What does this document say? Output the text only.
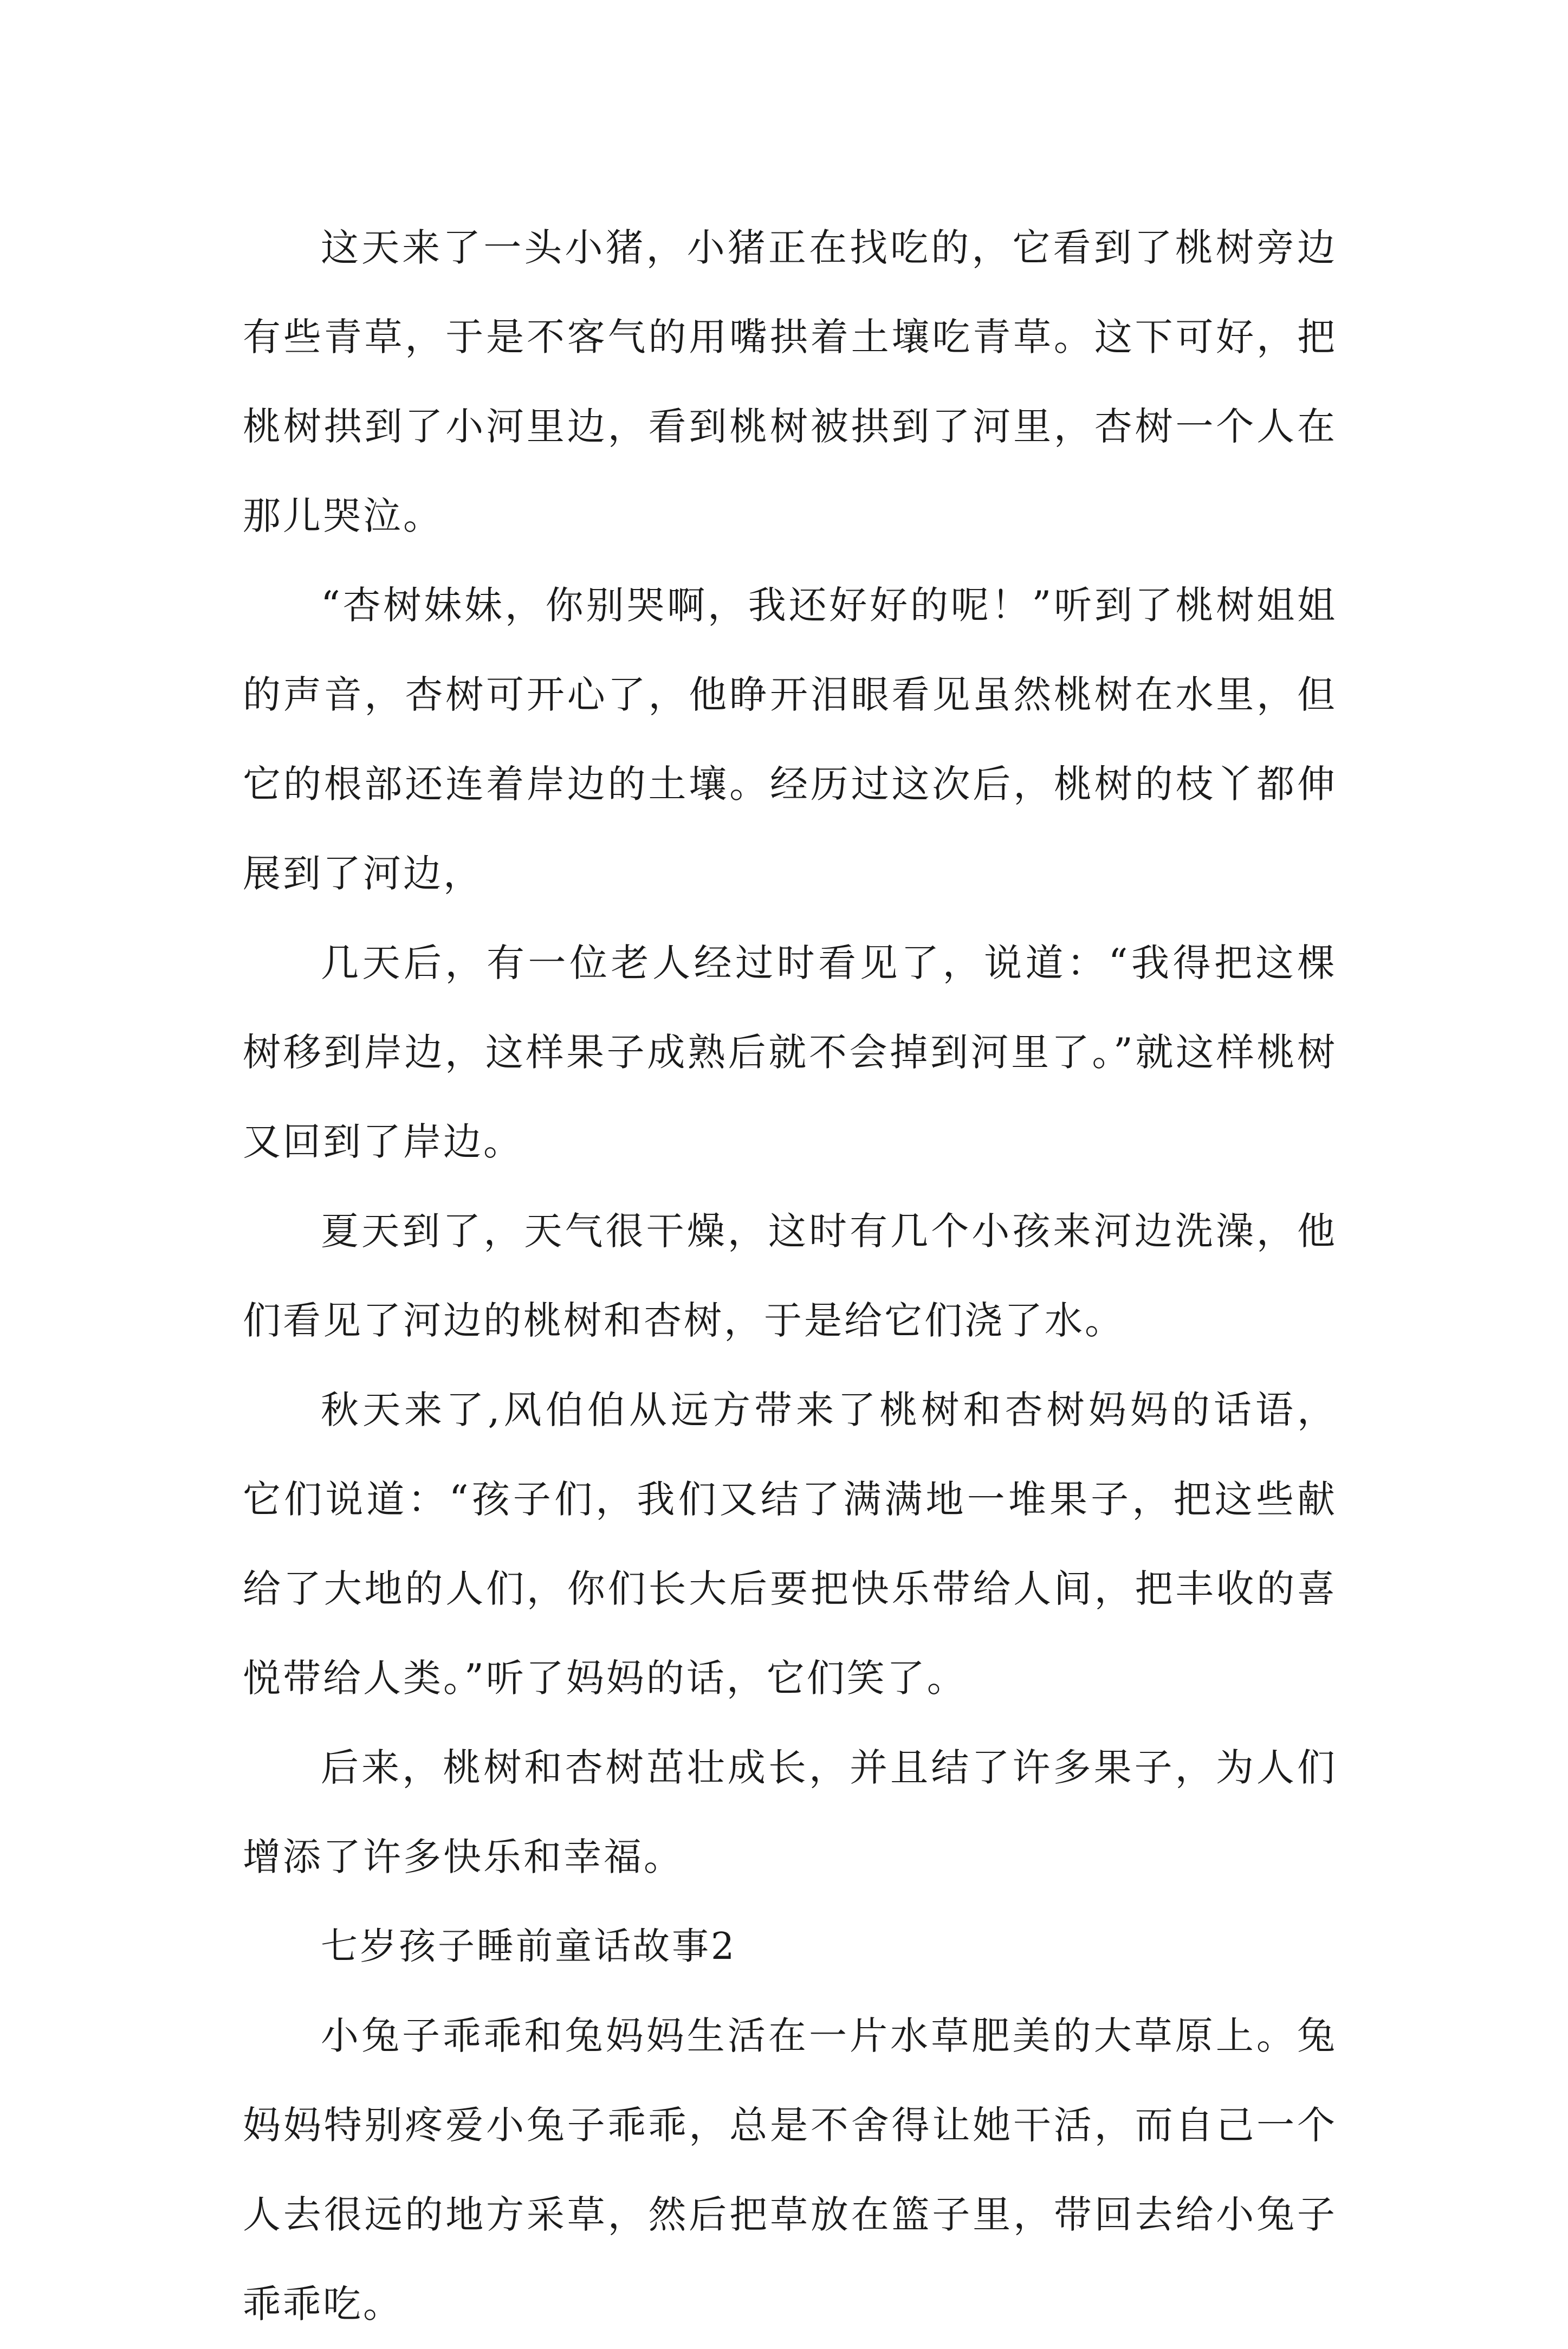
这天来了一头小猪，小猪正在找吃的，它看到了桃树旁边有些青草，于是不客气的用嘴拱着土壤吃青草。这下可好，把桃树拱到了小河里边，看到桃树被拱到了河里，杏树一个人在那儿哭泣。

“杏树妹妹，你别哭啊，我还好好的呢！”听到了桃树姐姐的声音，杏树可开心了，他睁开泪眼看见虽然桃树在水里，但它的根部还连着岸边的土壤。经历过这次后，桃树的枝丫都伸展到了河边，

几天后，有一位老人经过时看见了，说道：“我得把这棵树移到岸边，这样果子成熟后就不会掉到河里了。”就这样桃树又回到了岸边。

夏天到了，天气很干燥，这时有几个小孩来河边洗澡，他们看见了河边的桃树和杏树，于是给它们浇了水。

秋天来了,风伯伯从远方带来了桃树和杏树妈妈的话语，它们说道：“孩子们，我们又结了满满地一堆果子，把这些献给了大地的人们，你们长大后要把快乐带给人间，把丰收的喜悦带给人类。”听了妈妈的话，它们笑了。

后来，桃树和杏树茁壮成长，并且结了许多果子，为人们增添了许多快乐和幸福。

七岁孩子睡前童话故事2

小兔子乖乖和兔妈妈生活在一片水草肥美的大草原上。兔妈妈特别疼爱小兔子乖乖，总是不舍得让她干活，而自己一个人去很远的地方采草，然后把草放在篮子里，带回去给小兔子乖乖吃。
